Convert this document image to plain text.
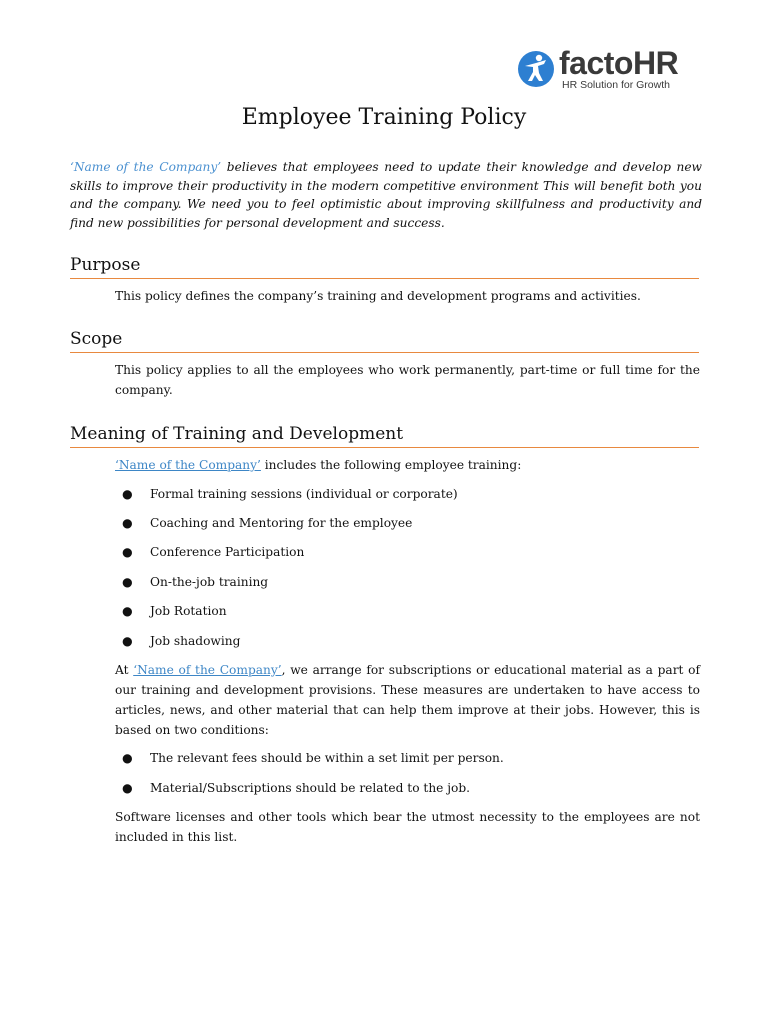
factoHR
HR Solution for Growth
Employee Training Policy
‘Name of the Company’ believes that employees need to update their knowledge and develop new skills to improve their productivity in the modern competitive environment This will benefit both you and the company. We need you to feel optimistic about improving skillfulness and productivity and find new possibilities for personal development and success.
Purpose
This policy defines the company’s training and development programs and activities.
Scope
This policy applies to all the employees who work permanently, part-time or full time for the company.
Meaning of Training and Development
‘Name of the Company’ includes the following employee training:
● Formal training sessions (individual or corporate)
● Coaching and Mentoring for the employee
● Conference Participation
● On-the-job training
● Job Rotation
● Job shadowing
At ‘Name of the Company’, we arrange for subscriptions or educational material as a part of our training and development provisions. These measures are undertaken to have access to articles, news, and other material that can help them improve at their jobs. However, this is based on two conditions:
● The relevant fees should be within a set limit per person.
● Material/Subscriptions should be related to the job.
Software licenses and other tools which bear the utmost necessity to the employees are not included in this list.
